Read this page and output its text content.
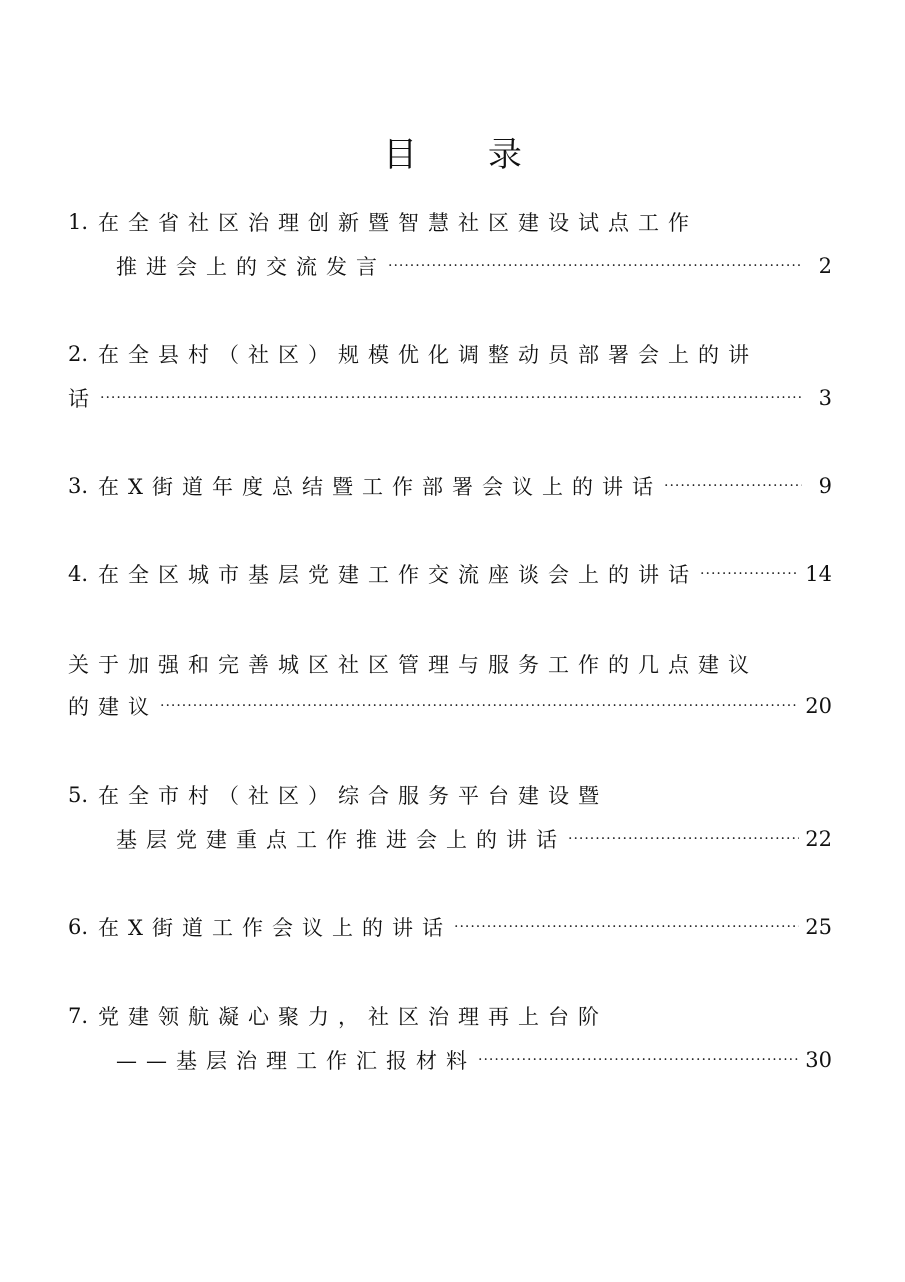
目 录
1. 在全省社区治理创新暨智慧社区建设试点工作
推进会上的交流发言 .....	2
2. 在全县村（社区）规模优化调整动员部署会上的讲
话 .....	3
3. 在X街道年度总结暨工作部署会议上的讲话 .....	9
4. 在全区城市基层党建工作交流座谈会上的讲话 .....	14
关于加强和完善城区社区管理与服务工作的几点建议
的建议 .....	20
5. 在全市村（社区）综合服务平台建设暨
基层党建重点工作推进会上的讲话 .....	22
6. 在X街道工作会议上的讲话 .....	25
7. 党建领航凝心聚力，社区治理再上台阶
——基层治理工作汇报材料 .....	30
